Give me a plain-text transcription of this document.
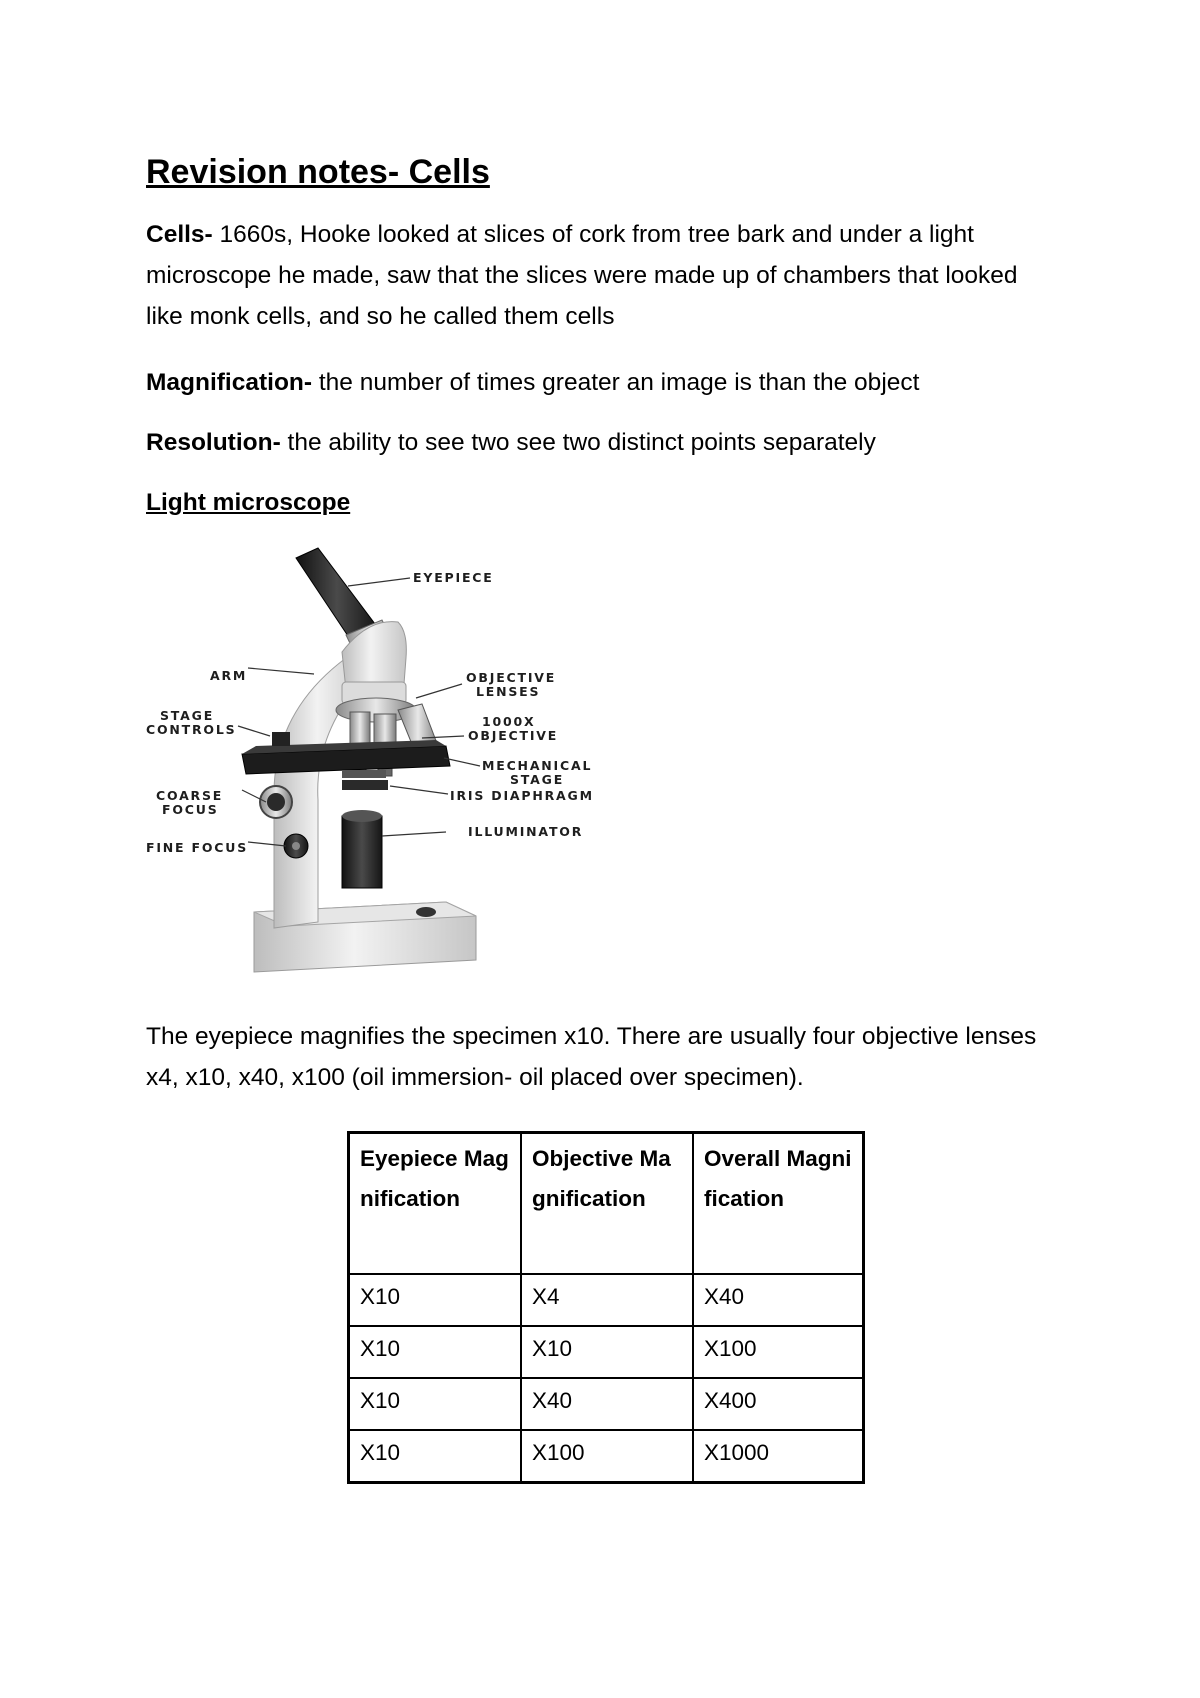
Revision notes- Cells

Cells- 1660s, Hooke looked at slices of cork from tree bark and under a light microscope he made, saw that the slices were made up of chambers that looked like monk cells, and so he called them cells

Magnification- the number of times greater an image is than the object

Resolution- the ability to see two see two distinct points separately

Light microscope
EYEPIECE
ARM	OBJECTIVE
LENSES
STAGE
CONTROLS
1000X
OBJECTIVE
MECHANICAL
STAGE
COARSE
FOCUS
IRIS DIAPHRAGM
FINE FOCUS
ILLUMINATOR

The eyepiece magnifies the specimen x10. There are usually four objective lenses x4, x10, x40, x100 (oil immersion- oil placed over specimen).

Eyepiece Magnification	Objective Magnification	Overall Magnification
X10	X4	X40
X10	X10	X100
X10	X40	X400
X10	X100	X1000
